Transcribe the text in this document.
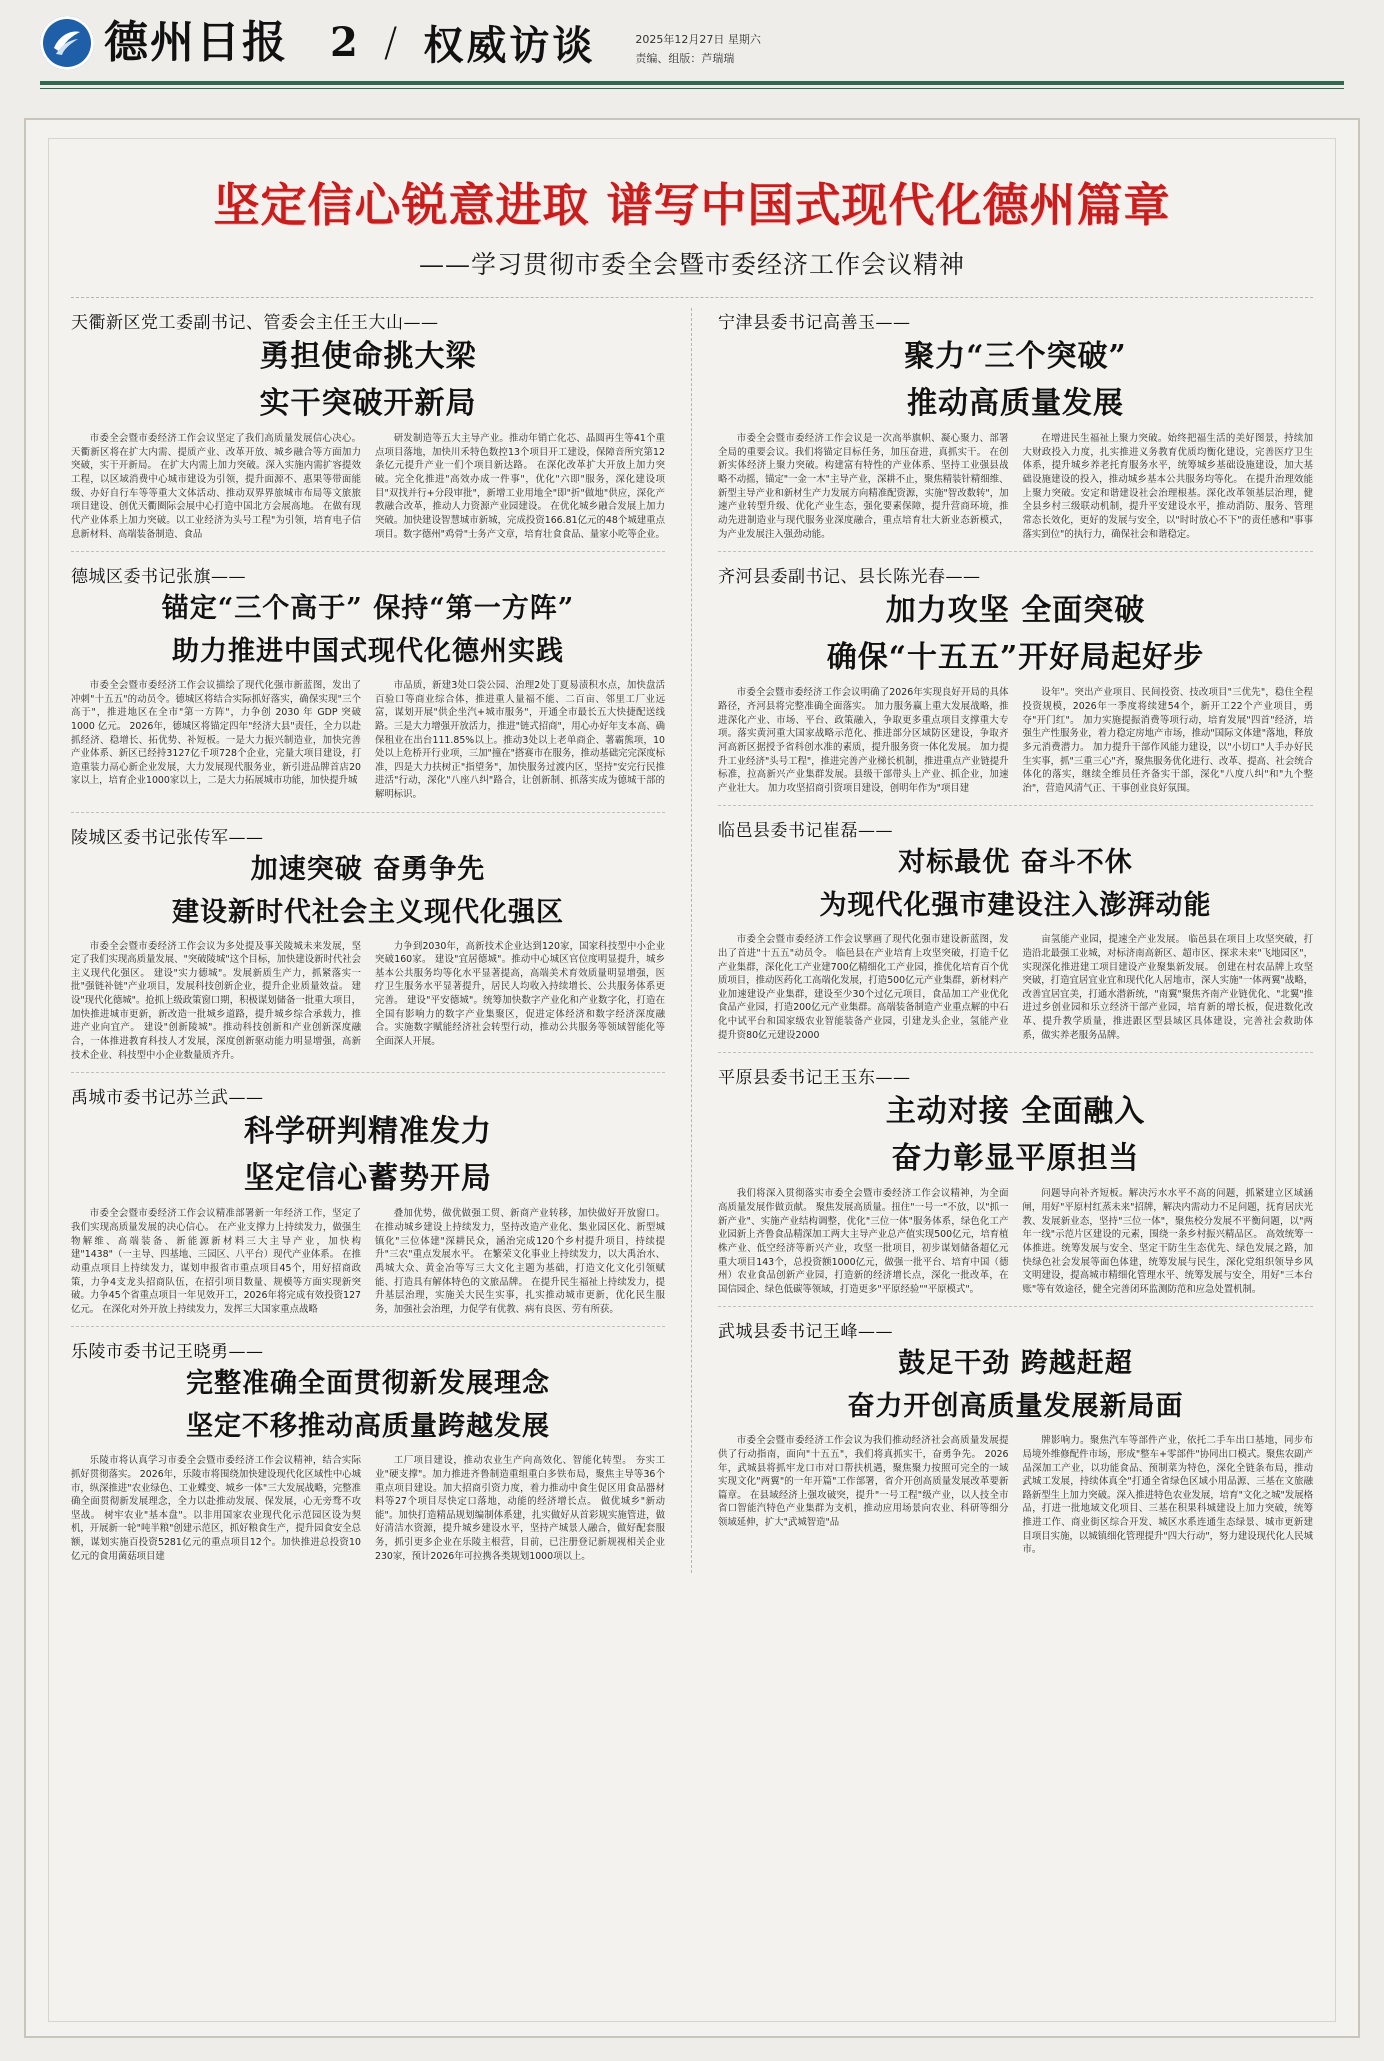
德州日报 2 / 权威访谈	2025年12月27日 星期六
责编、组版：芦瑞瑞
坚定信心锐意进取 谱写中国式现代化德州篇章
——学习贯彻市委全会暨市委经济工作会议精神
天衢新区党工委副书记、管委会主任王大山——
勇担使命挑大梁
实干突破开新局

市委全会暨市委经济工作会议坚定了我们高质量发展信心决心。天衢新区将在扩大内需、提质产业、改革开放、城乡融合等方面加力突破，实干开新局。 在扩大内需上加力突破。深入实施内需扩容提效工程，以区域消费中心城市建设为引领，提升面源不、惠果等带面能级、办好自行车等等重大文体活动、推动双界界旅城市布局等文旅旅项目建设、创优天衢圈际会展中心打造中国北方会展高地。 在做有现代产业体系上加力突破。以工业经济为头号工程"为引领，培育电子信息新材料、高端装备制造、食品

研发制造等五大主导产业。推动年销亡化芯、晶圆再生等41个重点项目落地，加快川禾特色数控13个项目开工建设，保障音所究第12条亿元提升产业一们个项目新达路。 在深化改革扩大开放上加力突破。完全化推进"高效办成一件事"，优化"六即"服务，深化建设项目"双找并行+分段审批"，新增工业用地全"即"折"做地"供应，深化产教融合改革，推动人力资源产业园建设。 在优化城乡融合发展上加力突破。加快建设智慧城市新城，完成投资166.81亿元的48个城建重点项目。数字德州"鸡骨"士务产文章，培育壮食食品、量家小吃等企业。

德城区委书记张旗——
锚定“三个高于” 保持“第一方阵”
助力推进中国式现代化德州实践

市委全会暨市委经济工作会议描绘了现代化强市新蓝图，发出了冲刺"十五五"的动员令。德城区将结合实际抓好落实，确保实现"三个高于"，推进地区在全市"第一方阵"，力争创 2030 年 GDP 突破 1000 亿元。 2026年，德城区将锚定四年"经济大县"责任，全力以赴抓经济、稳增长、拓优势、补短板。一是大力振兴制造业，加快完善产业体系、新区已经持3127亿千项728个企业，完量大项目建设，打造重装力鬲心新企业发展，大力发展现代服务业，新引进品牌首店20家以上，培育企业1000家以上，二是大力拓展城市功能，加快提升城

市品质，新建3处口袋公园、治理2处丁夏易渍积水点，加快盘活百验口等商业综合体，推进重人量福不能、二百亩、邻里工厂业远富，谋划开展"供企坐汽+城市服务"，开通全市最长五大快捷配送线路。三是大力增强开放活力，推进"链式招商"，用心办好年支本高、确保租业在出台111.85%以上。推动3处以上老单商企、薯霸熊项，10处以上危桥开行业项，三加"撞在"搭赛市在服务，推动基础完完深度标准，四是大力扶树正"指望务"，加快服务过渡内区，坚持"安完行民推进活"行动，深化"八座八纠"路合，让创新制、抓落实成为德城干部的解明标识。

陵城区委书记张传军——
加速突破 奋勇争先
建设新时代社会主义现代化强区

市委全会暨市委经济工作会议为多处提及事关陵城未来发展，坚定了我们实现高质量发展、"突破陵城"这个目标，加快建设新时代社会主义现代化强区。 建设"实力德城"。发展新质生产力，抓紧落实一批"强链补链"产业项目，发展科技创新企业，提升企业质量效益。 建设"现代化德城"。抢抓上级政策窗口期，积极谋划储备一批重大项目，加快推进城市更新，新改造一批城乡道路，提升城乡综合承载力，推进产业向宜产。 建设"创新陵城"。推动科技创新和产业创新深度融合，一体推进教育科技人才发展，深度创新驱动能力明显增强，高新技术企业、科技型中小企业数量质齐升。

力争到2030年，高新技术企业达到120家，国家科技型中小企业突破160家。 建设"宜居德城"。推动中心城区官位度明显提升，城乡基本公共服务均等化水平显著提高，高端美术育效质量明显增强，医疗卫生服务水平显著提升，居民人均收入持续增长、公共服务体系更完善。 建设"平安德城"。统筹加快数字产业化和产业数字化，打造在全国有影响力的数字产业集聚区，促进定体经济和数字经济深度融合。实施数字赋能经济社会转型行动，推动公共服务等领域智能化等全面深人开展。

禹城市委书记苏兰武——
科学研判精准发力
坚定信心蓄势开局

市委全会暨市委经济工作会议精准部署新一年经济工作，坚定了我们实现高质量发展的决心信心。 在产业支撑力上持续发力，做强生物解维、高端装备、新能源新材料三大主导产业，加快构建"1438"（一主导、四基地、三园区、八平台）现代产业体系。 在推动重点项目上持续发力，谋划申报省市重点项目45个，用好招商政策，力争4支龙头招商队伍，在招引项目数量、规模等方面实现新突破。力争45个省重点项目一年见效开工，2026年将完成有效投资127亿元。 在深化对外开放上持续发力，发挥三大国家重点战略

叠加优势，做优做强工贸、新商产业转移，加快做好开放窗口。 在推动城乡建设上持续发力，坚持改造产业化、集业园区化、新型城镇化"三位体建"深耕民众，涵治完成120个乡村提升项目，持续提升"三农"重点发展水平。 在繁荣文化事业上持续发力，以大禹治水、禹城大众、黄金冶等写三大文化主题为基础，打造文化文化引领赋能、打造具有解体特色的文旅品牌。 在提升民生福祉上持续发力，提升基层治理，实施关大民生实事，扎实推动城市更新，优化民生服务，加强社会治理，力促学有优教、病有良医、劳有所获。

乐陵市委书记王晓勇——
完整准确全面贯彻新发展理念
坚定不移推动高质量跨越发展

乐陵市将认真学习市委全会暨市委经济工作会议精神，结合实际抓好贯彻落实。 2026年，乐陵市将围绕加快建设现代化区域性中心城市，纵深推进"农业绿色、工业蝶变、城乡一体"三大发展战略，完整准确全面贯彻新发展理念，全力以赴推动发展、保发展，心无旁骛不攻坚战。 树牢农业"基本盘"。以非用国家农业现代化示范园区设为契机，开展新一轮"吨半粮"创建示范区，抓好粮食生产，提升园食安全总额，谋划实施百投资5281亿元的重点项目12个。加快推进总投资10亿元的食用菌菇项目建

工厂项目建设，推动农业生产向高效化、智能化转型。 夯实工业"硬支撑"。加力推进齐鲁制造重组重白多铁布局，聚焦主导等36个重点项目建设。加大招商引资力度，着力推动中食生促区用食品器材料等27个项目尽快定口落地，动能的经济增长点。 做优城乡"新动能"。加快打造精品规划编制体系建，扎实做好从首彩规实施管进，做好清洁水资源，提升城乡建设水平，坚持产城景人融合，做好配套服务，抓引更多企业在乐陵主根营，目前，已注册登记新规视相关企业230家，预计2026年可拉携各类规划1000项以上。

宁津县委书记高善玉——
聚力“三个突破”
推动高质量发展

市委全会暨市委经济工作会议是一次高举旗帜、凝心聚力、部署全局的重要会议。我们将锚定目标任务，加压奋进，真抓实干。 在创新实体经济上聚力突破。构建富有特性的产业体系、坚持工业强县战略不动摇，锚定"一金一木"主导产业，深耕不止，聚焦精装针精细维、新型主导产业和新材生产力发展方向精准配资源，实施"智改数转"，加速产业转型升级、优化产业生态，强化要素保障，提升营商环境，推动先进制造业与现代服务业深度融合，重点培育壮大新业态新模式，为产业发展注入强劲动能。

在增进民生福祉上聚力突破。始终把福生活的美好图景，持续加大财政投入力度，扎实推进义务教育优质均衡化建设，完善医疗卫生体系，提升城乡养老托育服务水平，统筹城乡基础设施建设，加大基础设施建设的投入，推动城乡基本公共服务均等化。 在提升治理效能上聚力突破。安定和谐建设社会治理根基。深化改革领基层治理，健全县乡村三级联动机制，提升平安建设水平，推动消防、服务、管理常态长效化，更好的发展与安全，以"时时放心不下"的责任感和"事事落实到位"的执行力，确保社会和谐稳定。

齐河县委副书记、县长陈光春——
加力攻坚 全面突破
确保“十五五”开好局起好步

市委全会暨市委经济工作会议明确了2026年实现良好开局的具体路径，齐河县将完整准确全面落实。 加力服务赢上重大发展战略，推进深化产业、市场、平台、政策融入，争取更多重点项目支撑重大专项。落实黄河重大国家战略示范化、推进部分区域防区建设，争取齐河高新区据授予省科创水准的素质，提升服务资一体化发展。 加力提升工业经济"头号工程"，推进完善产业梯长机制，推进重点产业链提升标准，拉高新兴产业集群发展。县级干部带头上产业、抓企业，加速产业壮大。 加力攻坚招商引资项目建设，创明年作为"项目建

设年"。突出产业项目、民间投资、技改项目"三优先"，稳住全程投资规模，2026年一季度将续建54个，新开工22个产业项目，勇夺"开门红"。 加力实施提振消费等项行动，培育发展"四首"经济，培强生产性服务业，着力稳定房地产市场，推动"国际文体建"落地，释放多元消费潜力。 加力提升干部作风能力建设，以"小切口"人手办好民生实事，抓"三重三心"齐，聚焦服务优化进行、改革、提高、社会统合体化的落实，继续全维员任齐备实干部，深化"八度八纠"和"九个整治"，营造风清气正、干事创业良好氛围。

临邑县委书记崔磊——
对标最优 奋斗不休
为现代化强市建设注入澎湃动能

市委全会暨市委经济工作会议擘画了现代化强市建设新蓝图，发出了首进"十五五"动员令。 临邑县在产业培育上攻坚突破，打造千亿产业集群，深化化工产业建700亿精细化工产业园，推优化培育百个优质项目，推动医药化工高端化发展，打造500亿元产业集群，新材料产业加速建设产业集群，建设至少30个过亿元项目，食品加工产业优化食品产业园，打造200亿元产业集群。高端装备制造产业重点解的中石化中试平台和国家级农业智能装备产业园，引建龙头企业，氢能产业提升资80亿元建设2000

亩氢能产业园，提速全产业发展。 临邑县在项目上攻坚突破，打造沿北最强工业城，对标济南高新区、超市区、探求未来"飞地园区"，实现深化推进建工项目建设产业聚集新发展。 创建在村农品牌上攻坚突破，打造宜居宜业宜和现代化人居地市，深人实施"一体两翼"战略，改善宜居宜美，打通水潜新统，"南翼"聚焦齐南产业链优化、"北翼"推进过乡创业园和乐立经济干部产业园，培育新的增长板，促进数化改革、提升教学质量，推进跟区型县域区具体建设，完善社会救助体系，做实养老服务品牌。

平原县委书记王玉东——
主动对接 全面融入
奋力彰显平原担当

我们将深入贯彻落实市委全会暨市委经济工作会议精神，为全面高质量发展作做贡献。 聚焦发展高质量。扭住"一号一"不放，以"抓一新产业"、实施产业结构调整，优化"三位一体"服务体系，绿色化工产业园新上齐鲁食品精深加工两大主导产业总产值实现500亿元，培育植株产业、低空经济等新兴产业，攻坚一批项目，初步谋划储备超亿元重大项目143个，总投资额1000亿元，做强一批平台、培育中国（德州）农业食品创新产业园，打造新的经济增长点，深化一批改革，在国信园企、绿色低碳等领域，打造更多"平原经验""平原模式"。

问题导向补齐短板。解决污水水平不高的问题，抓紧建立区域涵闸，用好"平原村红蒸未来"招牌，解决内需动力不足问题，抚育居庆光教、发展新业态，坚持"三位一体"，聚焦校分发展不平衡问题，以"两年一线"示范片区建设的元素，围绕一条乡村振兴精品区。 高效统筹一体推进。统筹发展与安全、坚定干防生生态优先、绿色发展之路，加快绿色社会发展等面色体建，统筹发展与民生，深化党组织领导乡风文明建设，提高城市精细化管理水平、统筹发展与安全，用好"三本台账"等有效途径，健全完善闭环监测防范和应急处置机制。

武城县委书记王峰——
鼓足干劲 跨越赶超
奋力开创高质量发展新局面

市委全会暨市委经济工作会议为我们推动经济社会高质量发展提供了行动指南，面向"十五五"，我们将真抓实干，奋勇争先。 2026年，武城县将抓牢龙口市对口帮扶机遇，聚焦聚力按照可完全的一域实现文化"两翼"的一年开篇"工作部署，省介开创高质量发展改革要新篇章。 在县域经济上强攻破突，提升"一号工程"级产业，以人技全市省口智能汽特色产业集群为支机，推动应用场景向农业、科研等细分领域延伸，扩大"武城智造"品

牌影响力。聚焦汽车等部件产业，依托二手车出口基地，同步布局境外维修配件市场，形成"整车+零部件"协同出口模式。聚焦农副产品深加工产业，以功能食品、预制菜为特色，深化全链条布局，推动武城工发展，持续体真全"打通全省绿色区域小用品源、三基在文旅融路新型生上加力突破。深入推进特色农业发展，培育"文化之城"发展格品，打进一批地域文化项目、三基在积果科城建设上加力突破，统筹推进工作、商业街区综合开发、城区水系连通生态绿景、城市更新建目项目实施，以城镇细化管理提升"四大行动"，努力建设现代化人民城市。
